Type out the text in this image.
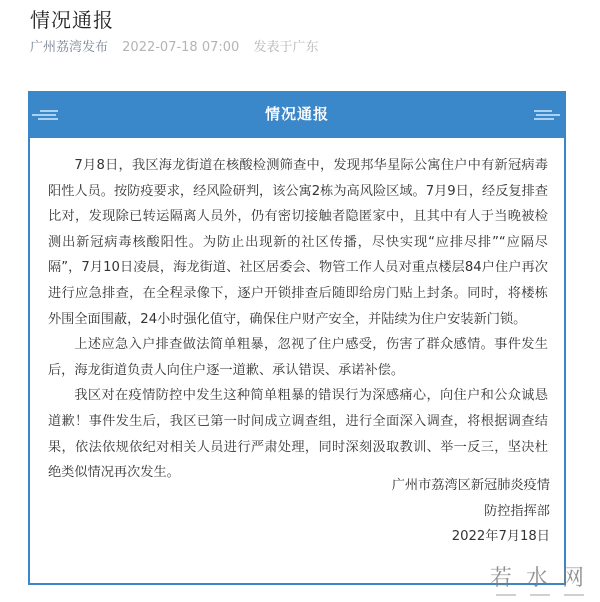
情况通报
广州荔湾发布 2022-07-18 07:00 发表于广东
情况通报

7月8日，我区海龙街道在核酸检测筛查中，发现邦华星际公寓住户中有新冠病毒阳性人员。按防疫要求，经风险研判，该公寓2栋为高风险区域。7月9日，经反复排查比对，发现除已转运隔离人员外，仍有密切接触者隐匿家中，且其中有人于当晚被检测出新冠病毒核酸阳性。为防止出现新的社区传播，尽快实现“应排尽排”“应隔尽隔”，7月10日凌晨，海龙街道、社区居委会、物管工作人员对重点楼层84户住户再次进行应急排查，在全程录像下，逐户开锁排查后随即给房门贴上封条。同时，将楼栋外围全面围蔽，24小时强化值守，确保住户财产安全，并陆续为住户安装新门锁。

上述应急入户排查做法简单粗暴，忽视了住户感受，伤害了群众感情。事件发生后，海龙街道负责人向住户逐一道歉、承认错误、承诺补偿。

我区对在疫情防控中发生这种简单粗暴的错误行为深感痛心，向住户和公众诚恳道歉！事件发生后，我区已第一时间成立调查组，进行全面深入调查，将根据调查结果，依法依规依纪对相关人员进行严肃处理，同时深刻汲取教训、举一反三，坚决杜绝类似情况再次发生。

广州市荔湾区新冠肺炎疫情
防控指挥部
2022年7月18日
若水网
